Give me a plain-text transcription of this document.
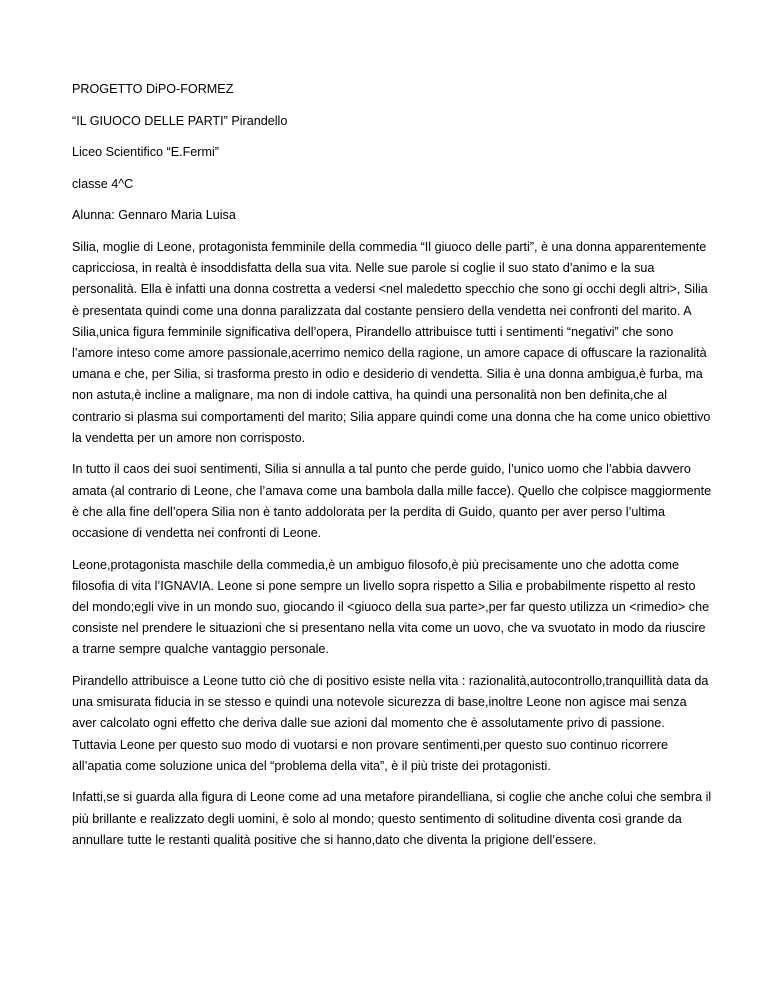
PROGETTO DiPO-FORMEZ

“IL GIUOCO DELLE PARTI” Pirandello

Liceo Scientifico “E.Fermi”

classe 4^C

Alunna: Gennaro Maria Luisa

Silia, moglie di Leone, protagonista femminile della commedia “Il giuoco delle parti”, è una donna apparentemente capricciosa, in realtà è insoddisfatta della sua vita. Nelle sue parole si coglie il suo stato d’animo e la sua personalità. Ella è infatti una donna costretta a vedersi <nel maledetto specchio che sono gi occhi degli altri>, Silia è presentata quindi come una donna paralizzata dal costante pensiero della vendetta nei confronti del marito. A Silia,unica figura femminile significativa dell’opera, Pirandello attribuisce tutti i sentimenti “negativi” che sono l’amore inteso come amore passionale,acerrimo nemico della ragione, un amore capace di offuscare la razionalità umana e che, per Silia, si trasforma presto in odio e desiderio di vendetta. Silia è una donna ambigua,è furba, ma non astuta,è incline a malignare, ma non di indole cattiva, ha quindi una personalità non ben definita,che al contrario si plasma sui comportamenti del marito; Silia appare quindi come una donna che ha come unico obiettivo la vendetta per un amore non corrisposto.

In tutto il caos dei suoi sentimenti, Silia si annulla a tal punto che perde guido, l’unico uomo che l’abbia davvero amata (al contrario di Leone, che l’amava come una bambola dalla mille facce). Quello che colpisce maggiormente è che alla fine dell’opera Silia non è tanto addolorata per la perdita di Guido, quanto per aver perso l’ultima occasione di vendetta nei confronti di Leone.

Leone,protagonista maschile della commedia,è un ambiguo filosofo,è più precisamente uno che adotta come filosofia di vita l’IGNAVIA. Leone si pone sempre un livello sopra rispetto a Silia e probabilmente rispetto al resto del mondo;egli vive in un mondo suo, giocando il <giuoco della sua parte>,per far questo utilizza un <rimedio> che consiste nel prendere le situazioni che si presentano nella vita come un uovo, che va svuotato in modo da riuscire a trarne sempre qualche vantaggio personale.

Pirandello attribuisce a Leone tutto ciò che di positivo esiste nella vita : razionalità,autocontrollo,tranquillità data da una smisurata fiducia in se stesso e quindi una notevole sicurezza di base,inoltre Leone non agisce mai senza aver calcolato ogni effetto che deriva dalle sue azioni dal momento che è assolutamente privo di passione. Tuttavia Leone per questo suo modo di vuotarsi e non provare sentimenti,per questo suo continuo ricorrere all’apatia come soluzione unica del “problema della vita”, è il più triste dei protagonisti.

Infatti,se si guarda alla figura di Leone come ad una metafore pirandelliana, si coglie che anche colui che sembra il più brillante e realizzato degli uomini, è solo al mondo; questo sentimento di solitudine diventa così grande da annullare tutte le restanti qualità positive che si hanno,dato che diventa la prigione dell’essere.
